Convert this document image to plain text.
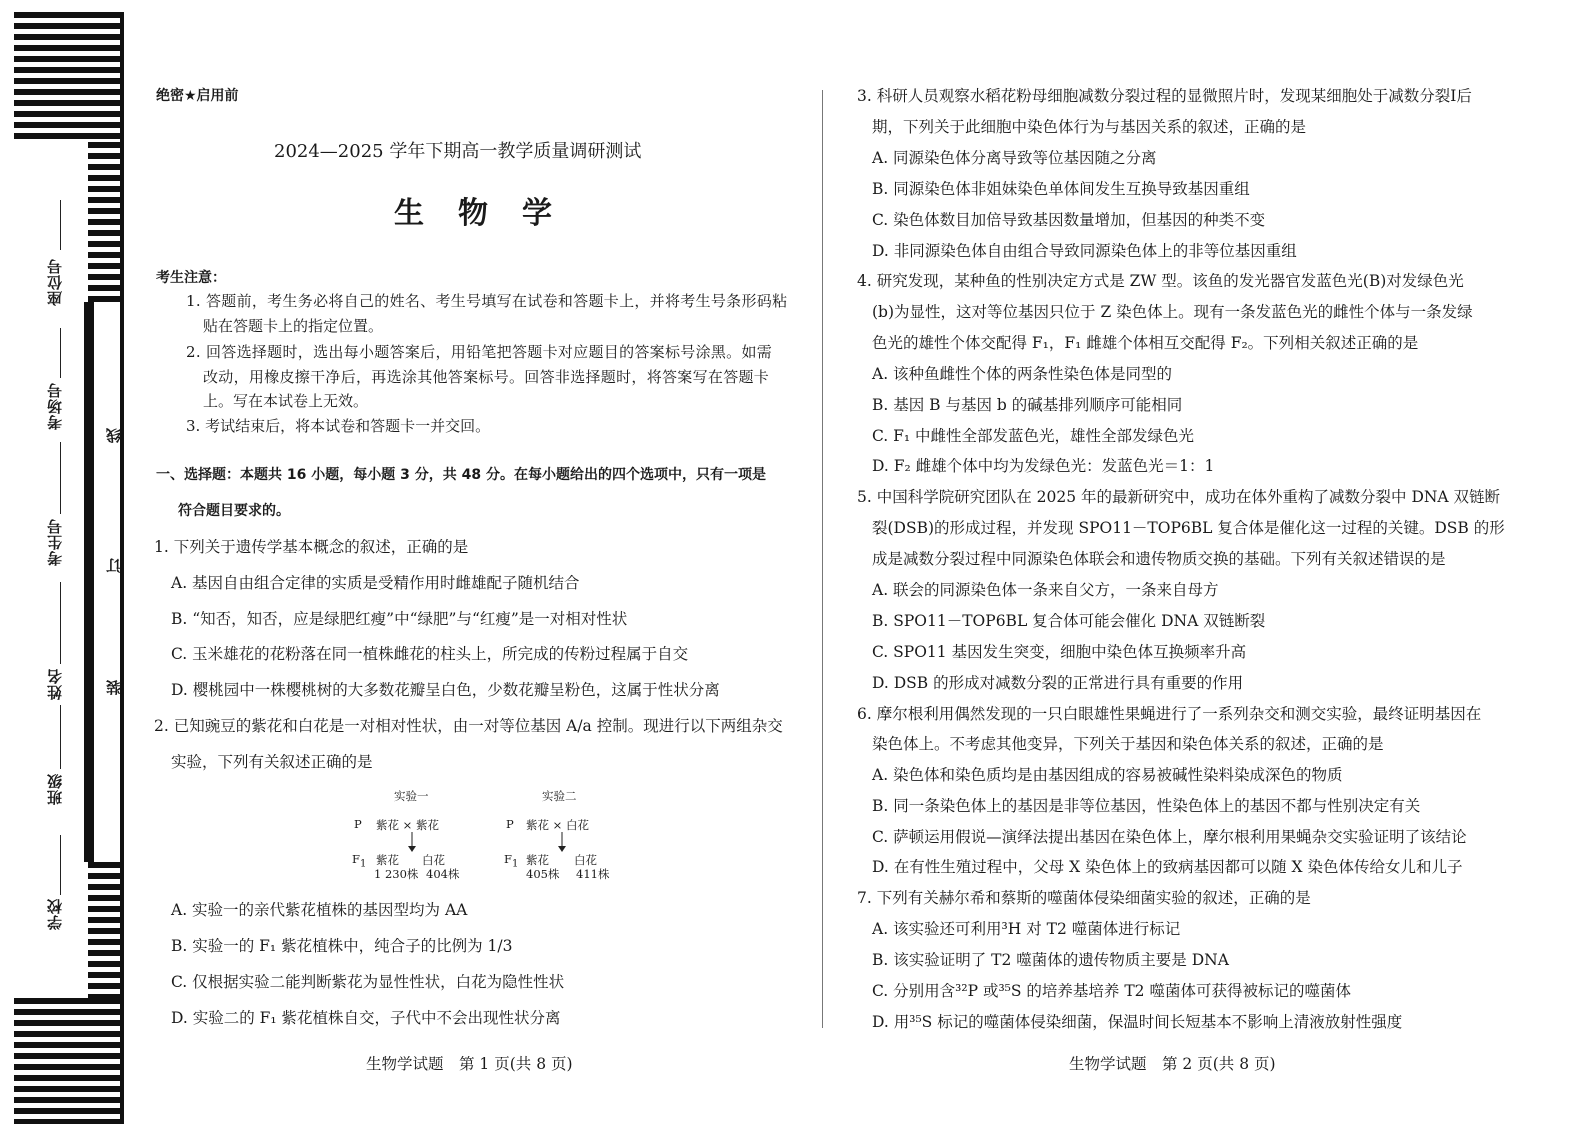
座位号
考场号
考生号
姓名
班级
学校
线
订
装
绝密★启用前
2024—2025 学年下期高一教学质量调研测试
生　物　学
考生注意：
1. 答题前，考生务必将自己的姓名、考生号填写在试卷和答题卡上，并将考生号条形码粘
贴在答题卡上的指定位置。
2. 回答选择题时，选出每小题答案后，用铅笔把答题卡对应题目的答案标号涂黑。如需
改动，用橡皮擦干净后，再选涂其他答案标号。回答非选择题时，将答案写在答题卡
上。写在本试卷上无效。
3. 考试结束后，将本试卷和答题卡一并交回。
一、选择题：本题共 16 小题，每小题 3 分，共 48 分。在每小题给出的四个选项中，只有一项是
符合题目要求的。
1. 下列关于遗传学基本概念的叙述，正确的是
A. 基因自由组合定律的实质是受精作用时雌雄配子随机结合
B. “知否，知否，应是绿肥红瘦”中“绿肥”与“红瘦”是一对相对性状
C. 玉米雄花的花粉落在同一植株雌花的柱头上，所完成的传粉过程属于自交
D. 樱桃园中一株樱桃树的大多数花瓣呈白色，少数花瓣呈粉色，这属于性状分离
2. 已知豌豆的紫花和白花是一对相对性状，由一对等位基因 A/a 控制。现进行以下两组杂交
实验，下列有关叙述正确的是
实验一	实验二
P 紫花 × 紫花	P 紫花 × 白花
$F_1$ 紫花 白花	$F_1$ 紫花 白花
1 230株 404株	405株 411株
A. 实验一的亲代紫花植株的基因型均为 AA
B. 实验一的 F₁ 紫花植株中，纯合子的比例为 1/3
C. 仅根据实验二能判断紫花为显性性状，白花为隐性性状
D. 实验二的 F₁ 紫花植株自交，子代中不会出现性状分离
生物学试题　第 1 页(共 8 页)
3. 科研人员观察水稻花粉母细胞减数分裂过程的显微照片时，发现某细胞处于减数分裂Ⅰ后
期，下列关于此细胞中染色体行为与基因关系的叙述，正确的是
A. 同源染色体分离导致等位基因随之分离
B. 同源染色体非姐妹染色单体间发生互换导致基因重组
C. 染色体数目加倍导致基因数量增加，但基因的种类不变
D. 非同源染色体自由组合导致同源染色体上的非等位基因重组
4. 研究发现，某种鱼的性别决定方式是 ZW 型。该鱼的发光器官发蓝色光(B)对发绿色光
(b)为显性，这对等位基因只位于 Z 染色体上。现有一条发蓝色光的雌性个体与一条发绿
色光的雄性个体交配得 F₁，F₁ 雌雄个体相互交配得 F₂。下列相关叙述正确的是
A. 该种鱼雌性个体的两条性染色体是同型的
B. 基因 B 与基因 b 的碱基排列顺序可能相同
C. F₁ 中雌性全部发蓝色光，雄性全部发绿色光
D. F₂ 雌雄个体中均为发绿色光：发蓝色光＝1：1
5. 中国科学院研究团队在 2025 年的最新研究中，成功在体外重构了减数分裂中 DNA 双链断
裂(DSB)的形成过程，并发现 SPO11－TOP6BL 复合体是催化这一过程的关键。DSB 的形
成是减数分裂过程中同源染色体联会和遗传物质交换的基础。下列有关叙述错误的是
A. 联会的同源染色体一条来自父方，一条来自母方
B. SPO11－TOP6BL 复合体可能会催化 DNA 双链断裂
C. SPO11 基因发生突变，细胞中染色体互换频率升高
D. DSB 的形成对减数分裂的正常进行具有重要的作用
6. 摩尔根利用偶然发现的一只白眼雄性果蝇进行了一系列杂交和测交实验，最终证明基因在
染色体上。不考虑其他变异，下列关于基因和染色体关系的叙述，正确的是
A. 染色体和染色质均是由基因组成的容易被碱性染料染成深色的物质
B. 同一条染色体上的基因是非等位基因，性染色体上的基因不都与性别决定有关
C. 萨顿运用假说—演绎法提出基因在染色体上，摩尔根利用果蝇杂交实验证明了该结论
D. 在有性生殖过程中，父母 X 染色体上的致病基因都可以随 X 染色体传给女儿和儿子
7. 下列有关赫尔希和蔡斯的噬菌体侵染细菌实验的叙述，正确的是
A. 该实验还可利用³H 对 T2 噬菌体进行标记
B. 该实验证明了 T2 噬菌体的遗传物质主要是 DNA
C. 分别用含³²P 或³⁵S 的培养基培养 T2 噬菌体可获得被标记的噬菌体
D. 用³⁵S 标记的噬菌体侵染细菌，保温时间长短基本不影响上清液放射性强度
生物学试题　第 2 页(共 8 页)
